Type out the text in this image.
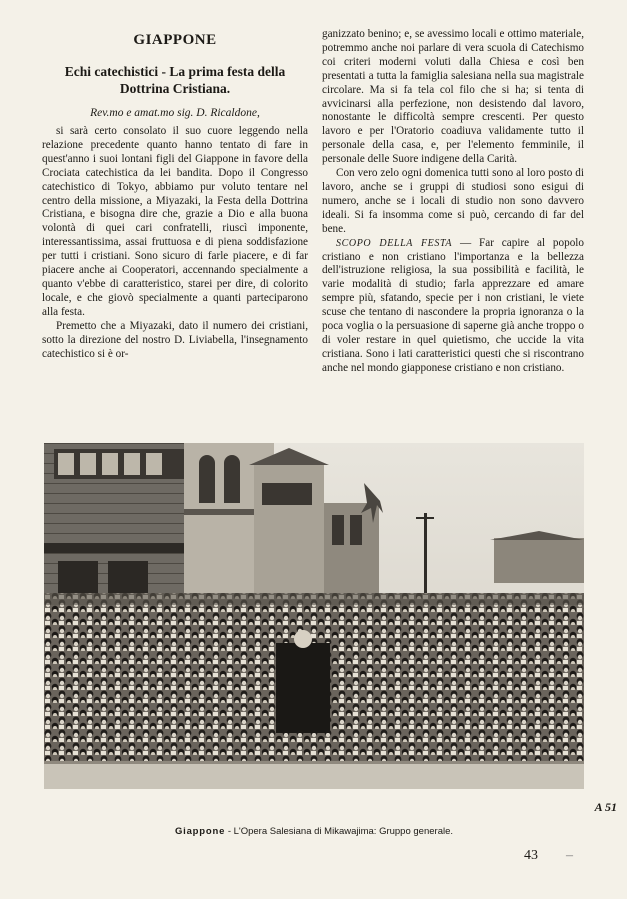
GIAPPONE
Echi catechistici - La prima festa della Dottrina Cristiana.
Rev.mo e amat.mo sig. D. Ricaldone,

si sarà certo consolato il suo cuore leggendo nella relazione precedente quanto hanno tentato di fare in quest'anno i suoi lontani figli del Giappone in favore della Crociata catechistica da lei bandita. Dopo il Congresso catechistico di Tokyo, abbiamo pur voluto tentare nel centro della missione, a Miyazaki, la Festa della Dottrina Cristiana, e bisogna dire che, grazie a Dio e alla buona volontà di quei cari confratelli, riuscì imponente, interessantissima, assai fruttuosa e di piena soddisfazione per tutti i cristiani. Sono sicuro di farle piacere, e di far piacere anche ai Cooperatori, accennando specialmente a quanto v'ebbe di caratteristico, starei per dire, di colorito locale, e che giovò specialmente a quanti parteciparono alla festa.

Premetto che a Miyazaki, dato il numero dei cristiani, sotto la direzione del nostro D. Liviabella, l'insegnamento catechistico si è or-

ganizzato benino; e, se avessimo locali e ottimo materiale, potremmo anche noi parlare di vera scuola di Catechismo coi criteri moderni voluti dalla Chiesa e così ben presentati a tutta la famiglia salesiana nella sua magistrale circolare. Ma si fa tela col filo che si ha; si tenta di avvicinarsi alla perfezione, non desistendo dal lavoro, nonostante le difficoltà sempre crescenti. Per questo lavoro e per l'Oratorio coadiuva validamente tutto il personale della casa, e, per l'elemento femminile, il personale delle Suore indigene della Carità.

Con vero zelo ogni domenica tutti sono al loro posto di lavoro, anche se i gruppi di studiosi sono esigui di numero, anche se i locali di studio non sono davvero ideali. Si fa insomma come si può, cercando di far del bene.

SCOPO DELLA FESTA — Far capire al popolo cristiano e non cristiano l'importanza e la bellezza dell'istruzione religiosa, la sua possibilità e facilità, le varie modalità di studio; farla apprezzare ed amare sempre più, sfatando, specie per i non cristiani, le viete scuse che tentano di nascondere la propria ignoranza o la poca voglia o la persuasione di saperne già anche troppo o di voler restare in quel quietismo, che uccide la vita cristiana. Sono i lati caratteristici questi che si riscontrano anche nel mondo giapponese cristiano e non cristiano.

A 51
Giappone - L'Opera Salesiana di Mikawajima: Gruppo generale.
43 –
